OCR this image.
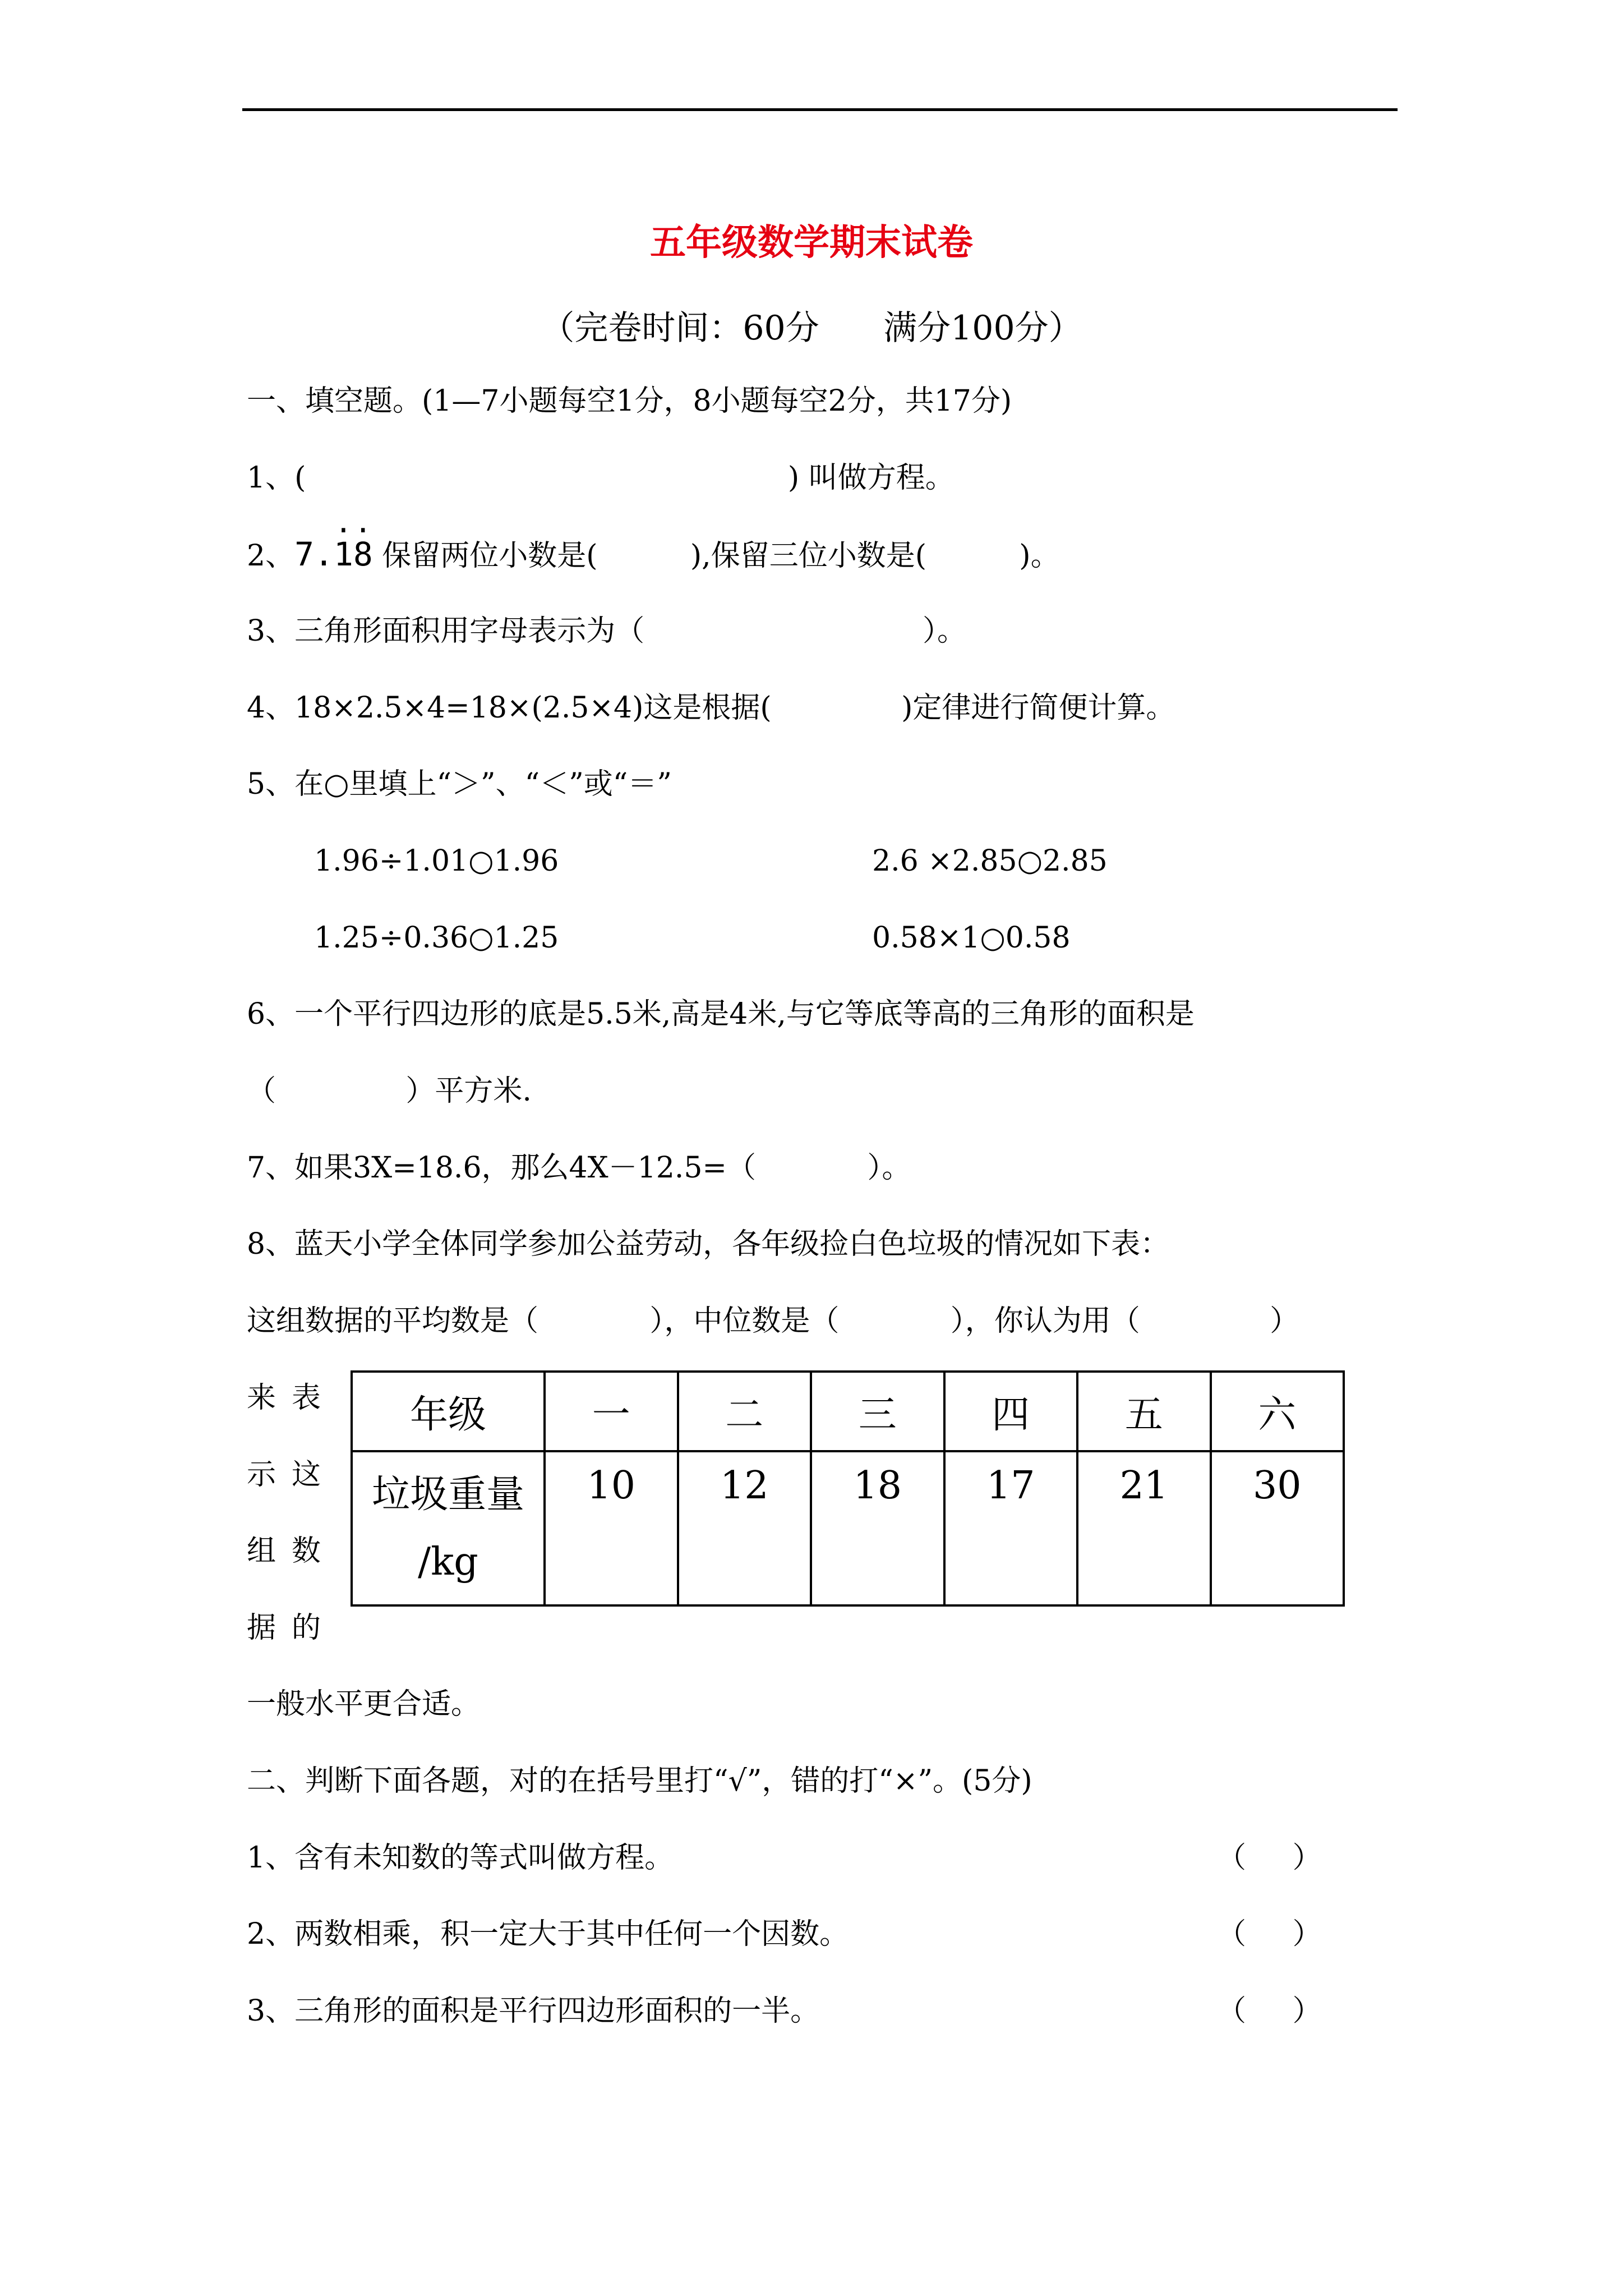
五年级数学期末试卷
（完卷时间：60分      满分100分）
一、填空题。(1—7小题每空1分，8小题每空2分，共17分)
1、(                                                    ) 叫做方程。
2、7.· 1· 8 保留两位小数是(          ),保留三位小数是(          )。
3、三角形面积用字母表示为（                              ）。
4、18×2.5×4=18×(2.5×4)这是根据(              )定律进行简便计算。
5、在○里填上“＞”、“＜”或“＝”
1.96÷1.01○1.96	2.6 ×2.85○2.85
1.25÷0.36○1.25	0.58×1○0.58
6、一个平行四边形的底是5.5米,高是4米,与它等底等高的三角形的面积是
（              ）平方米.
7、如果3X=18.6，那么4X－12.5=（            ）。
8、蓝天小学全体同学参加公益劳动，各年级捡白色垃圾的情况如下表：
这组数据的平均数是（            ），中位数是（            ），你认为用（              ）
来表
示这
组数
据的
年级	一	二	三	四	五	六

垃圾重量
/kg	10	12	18	17	21	30
一般水平更合适。
二、判断下面各题，对的在括号里打“√”，错的打“×”。(5分)
1、含有未知数的等式叫做方程。	（     ）
2、两数相乘，积一定大于其中任何一个因数。	（     ）
3、三角形的面积是平行四边形面积的一半。	（     ）
